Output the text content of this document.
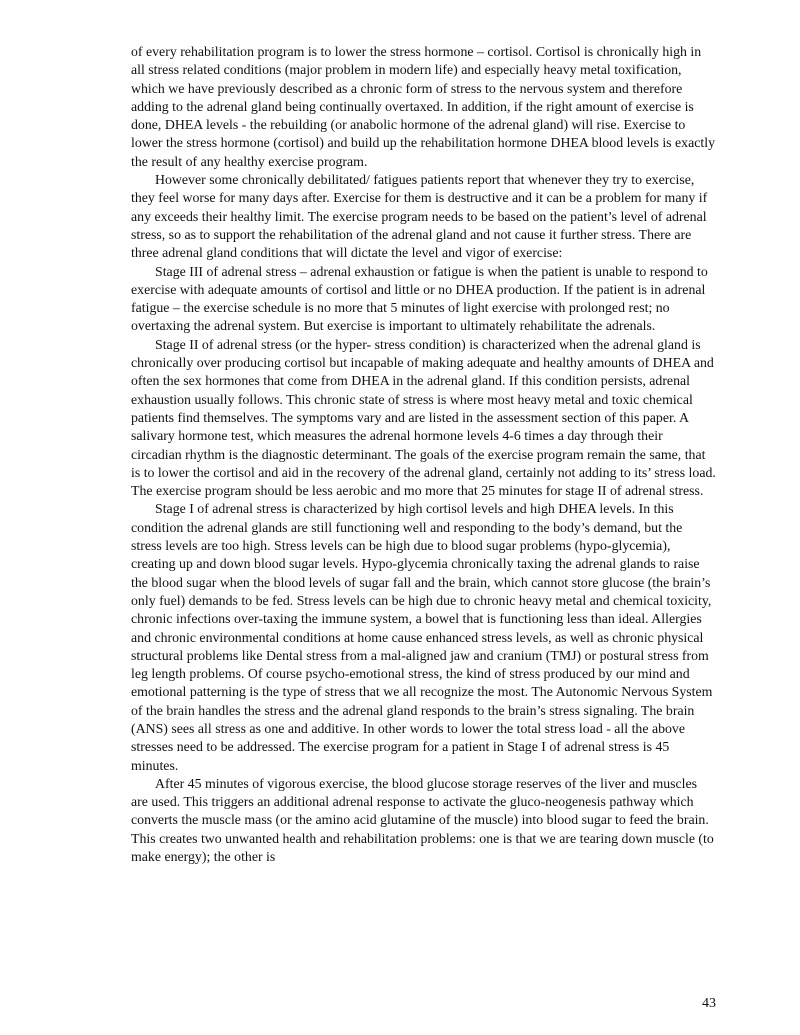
of every rehabilitation program is to lower the stress hormone – cortisol. Cortisol is chronically high in all stress related conditions (major problem in modern life) and especially heavy metal toxification, which we have previously described as a chronic form of stress to the nervous system and therefore adding to the adrenal gland being continually overtaxed. In addition, if the right amount of exercise is done, DHEA levels - the rebuilding (or anabolic hormone of the adrenal gland) will rise. Exercise to lower the stress hormone (cortisol) and build up the rehabilitation hormone DHEA blood levels is exactly the result of any healthy exercise program.

However some chronically debilitated/ fatigues patients report that whenever they try to exercise, they feel worse for many days after. Exercise for them is destructive and it can be a problem for many if any exceeds their healthy limit. The exercise program needs to be based on the patient’s level of adrenal stress, so as to support the rehabilitation of the adrenal gland and not cause it further stress. There are three adrenal gland conditions that will dictate the level and vigor of exercise:

Stage III of adrenal stress – adrenal exhaustion or fatigue is when the patient is unable to respond to exercise with adequate amounts of cortisol and little or no DHEA production. If the patient is in adrenal fatigue – the exercise schedule is no more that 5 minutes of light exercise with prolonged rest; no overtaxing the adrenal system. But exercise is important to ultimately rehabilitate the adrenals.

Stage II of adrenal stress (or the hyper- stress condition) is characterized when the adrenal gland is chronically over producing cortisol but incapable of making adequate and healthy amounts of DHEA and often the sex hormones that come from DHEA in the adrenal gland. If this condition persists, adrenal exhaustion usually follows. This chronic state of stress is where most heavy metal and toxic chemical patients find themselves. The symptoms vary and are listed in the assessment section of this paper. A salivary hormone test, which measures the adrenal hormone levels 4-6 times a day through their circadian rhythm is the diagnostic determinant. The goals of the exercise program remain the same, that is to lower the cortisol and aid in the recovery of the adrenal gland, certainly not adding to its’ stress load. The exercise program should be less aerobic and mo more that 25 minutes for stage II of adrenal stress.

Stage I of adrenal stress is characterized by high cortisol levels and high DHEA levels. In this condition the adrenal glands are still functioning well and responding to the body’s demand, but the stress levels are too high. Stress levels can be high due to blood sugar problems (hypo-glycemia), creating up and down blood sugar levels. Hypo-glycemia chronically taxing the adrenal glands to raise the blood sugar when the blood levels of sugar fall and the brain, which cannot store glucose (the brain’s only fuel) demands to be fed. Stress levels can be high due to chronic heavy metal and chemical toxicity, chronic infections over-taxing the immune system, a bowel that is functioning less than ideal. Allergies and chronic environmental conditions at home cause enhanced stress levels, as well as chronic physical structural problems like Dental stress from a mal-aligned jaw and cranium (TMJ) or postural stress from leg length problems. Of course psycho-emotional stress, the kind of stress produced by our mind and emotional patterning is the type of stress that we all recognize the most. The Autonomic Nervous System of the brain handles the stress and the adrenal gland responds to the brain’s stress signaling. The brain (ANS) sees all stress as one and additive. In other words to lower the total stress load - all the above stresses need to be addressed. The exercise program for a patient in Stage I of adrenal stress is 45 minutes.

After 45 minutes of vigorous exercise, the blood glucose storage reserves of the liver and muscles are used. This triggers an additional adrenal response to activate the gluco-neogenesis pathway which converts the muscle mass (or the amino acid glutamine of the muscle) into blood sugar to feed the brain. This creates two unwanted health and rehabilitation problems: one is that we are tearing down muscle (to make energy); the other is

43
